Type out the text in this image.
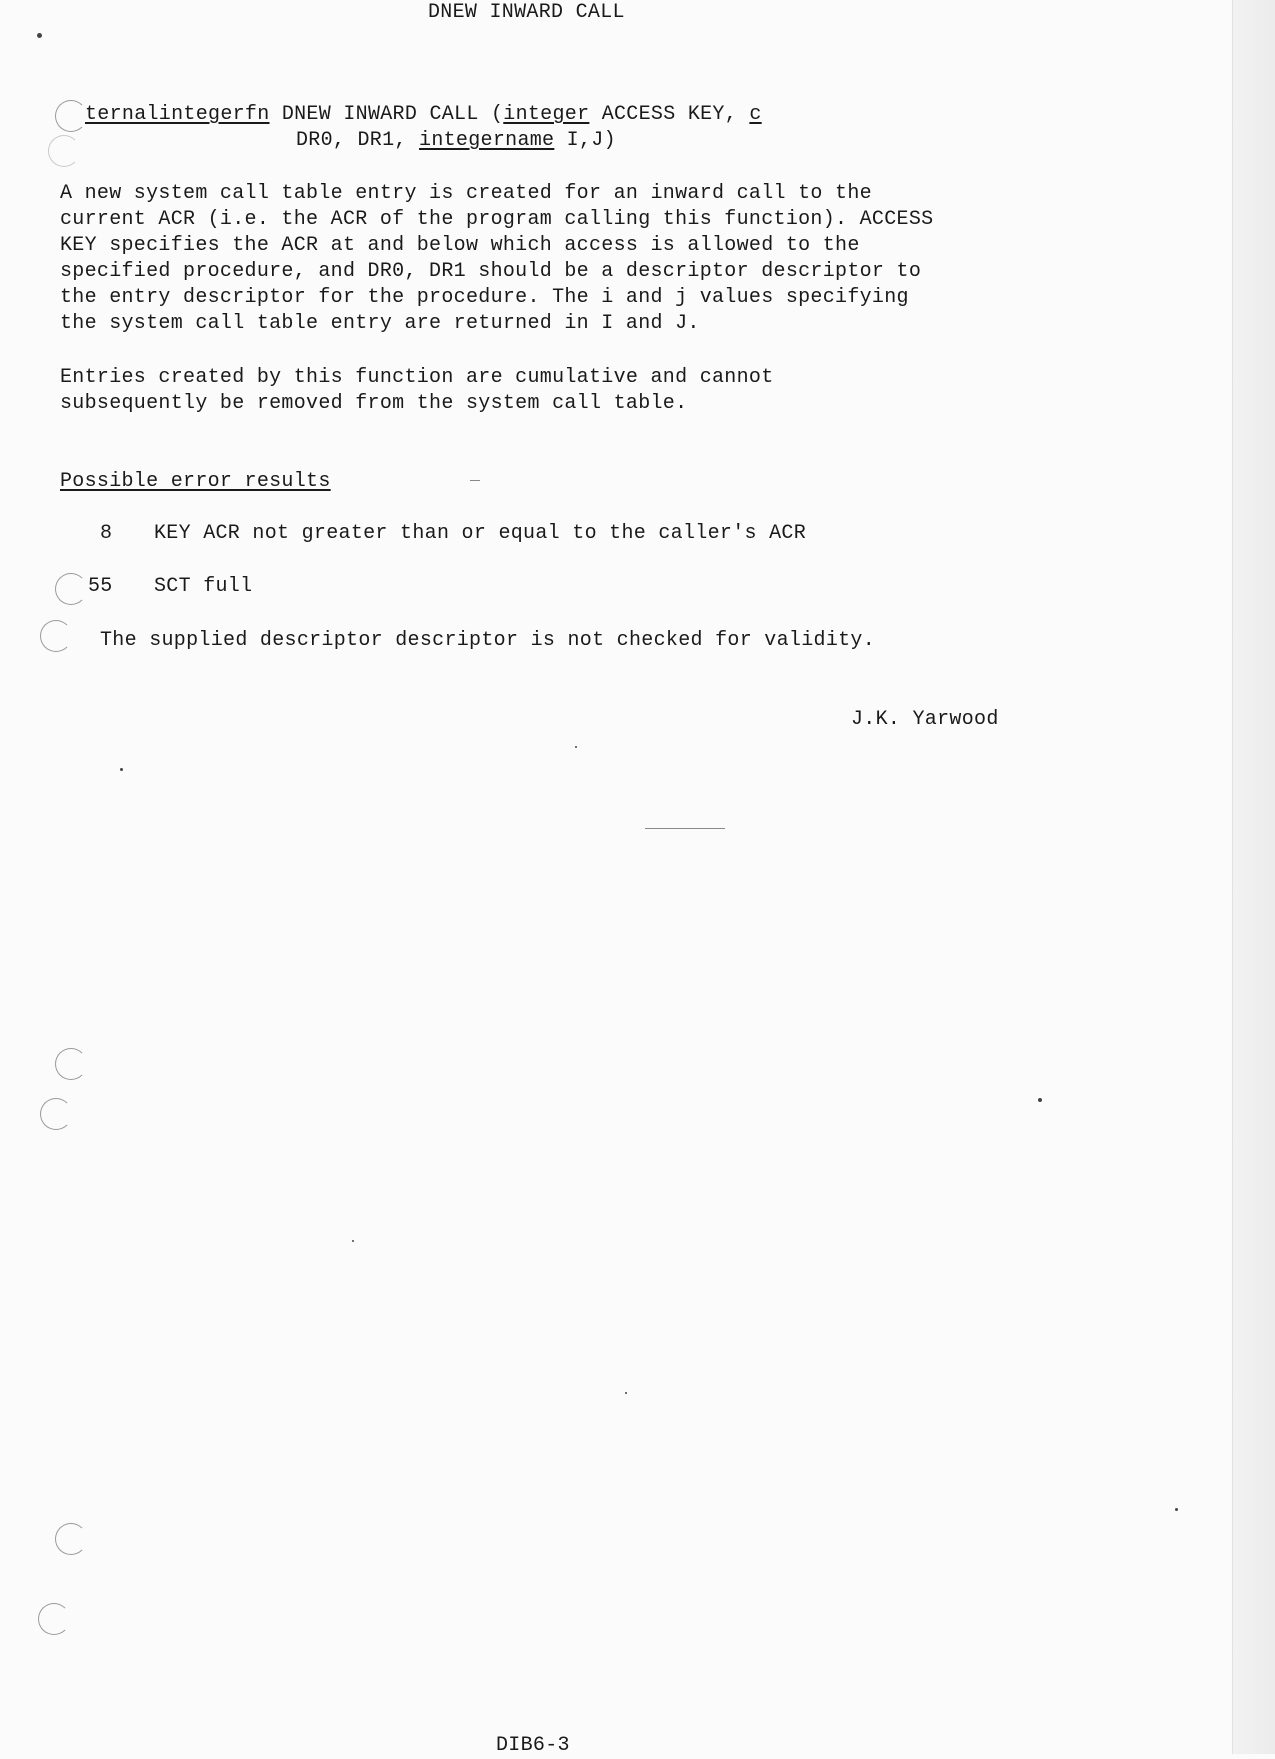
DNEW INWARD CALL
ternalintegerfn DNEW INWARD CALL (integer ACCESS KEY, c
DR0, DR1, integername I,J)
A new system call table entry is created for an inward call to the
current ACR (i.e. the ACR of the program calling this function). ACCESS
KEY specifies the ACR at and below which access is allowed to the
specified procedure, and DR0, DR1 should be a descriptor descriptor to
the entry descriptor for the procedure. The i and j values specifying
the system call table entry are returned in I and J.
Entries created by this function are cumulative and cannot
subsequently be removed from the system call table.
Possible error results
8 KEY ACR not greater than or equal to the caller's ACR
55 SCT full
The supplied descriptor descriptor is not checked for validity.
J.K. Yarwood
DIB6-3
